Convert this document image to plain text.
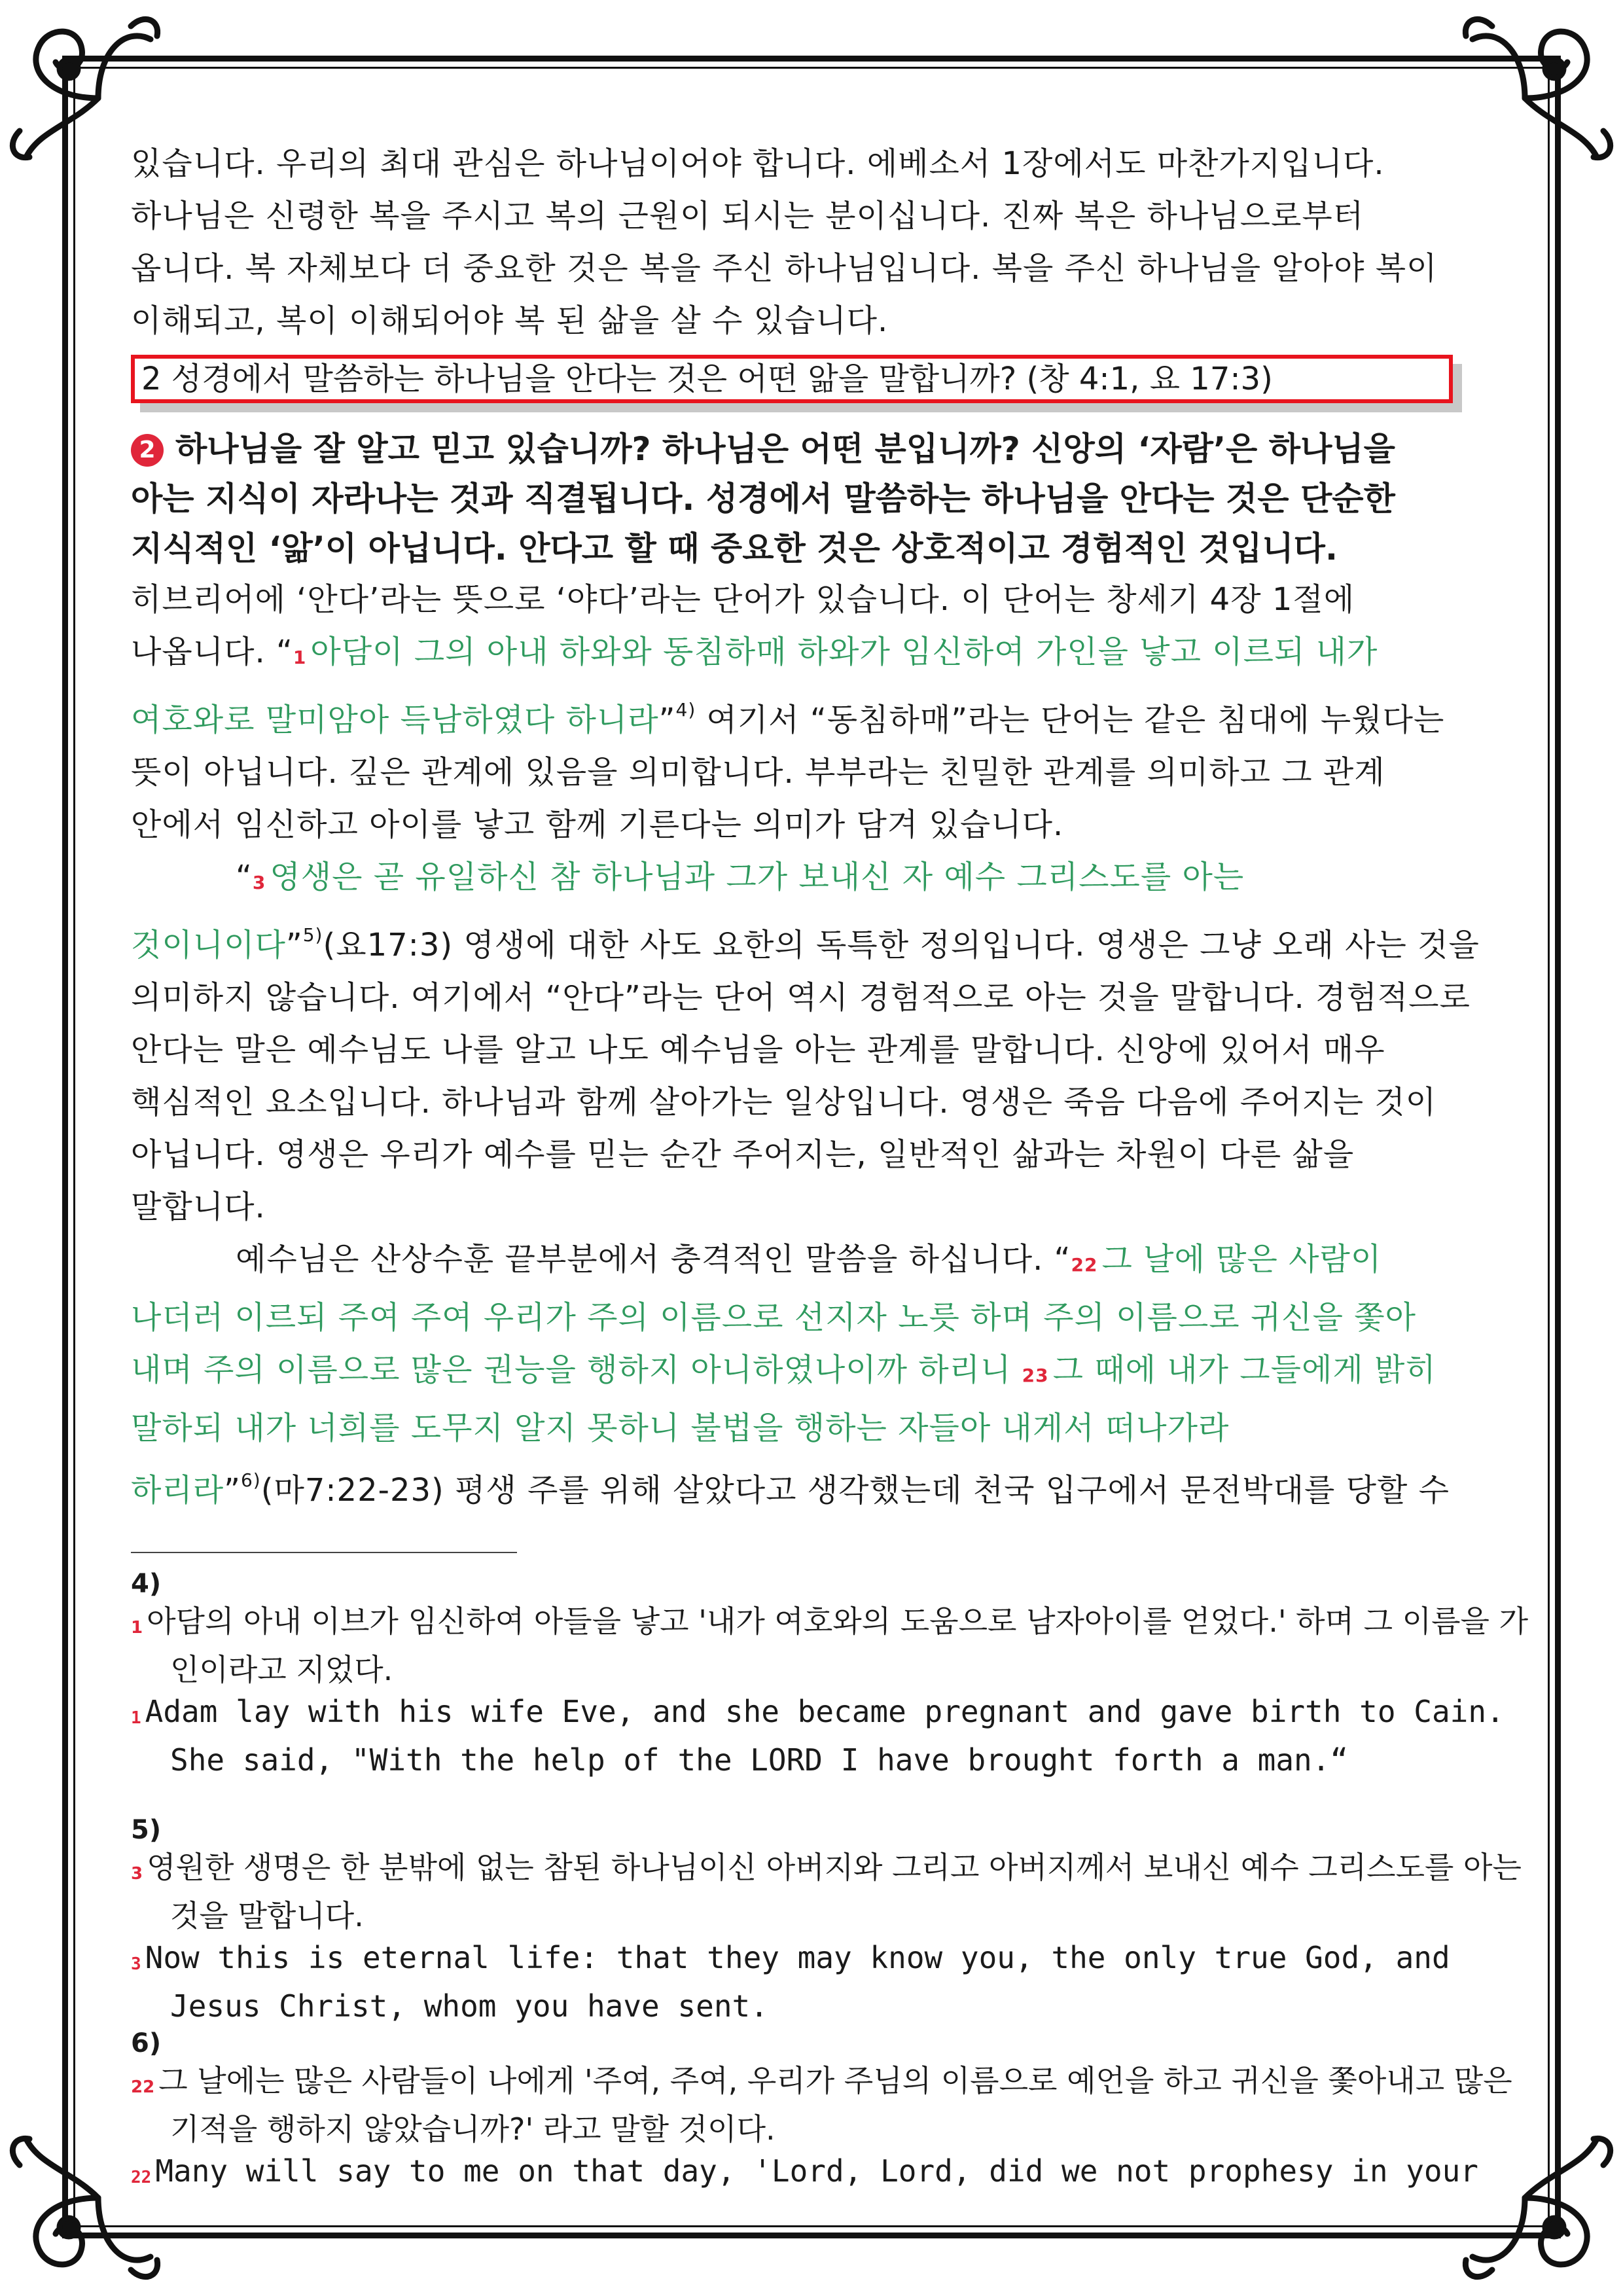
있습니다. 우리의 최대 관심은 하나님이어야 합니다. 에베소서 1장에서도 마찬가지입니다.
하나님은 신령한 복을 주시고 복의 근원이 되시는 분이십니다. 진짜 복은 하나님으로부터
옵니다. 복 자체보다 더 중요한 것은 복을 주신 하나님입니다. 복을 주신 하나님을 알아야 복이
이해되고, 복이 이해되어야 복 된 삶을 살 수 있습니다.
2 성경에서 말씀하는 하나님을 안다는 것은 어떤 앎을 말합니까? (창 4:1, 요 17:3)
2 하나님을 잘 알고 믿고 있습니까? 하나님은 어떤 분입니까? 신앙의 ‘자람’은 하나님을
아는 지식이 자라나는 것과 직결됩니다. 성경에서 말씀하는 하나님을 안다는 것은 단순한
지식적인 ‘앎’이 아닙니다. 안다고 할 때 중요한 것은 상호적이고 경험적인 것입니다.
히브리어에 ‘안다’라는 뜻으로 ‘야다’라는 단어가 있습니다. 이 단어는 창세기 4장 1절에
나옵니다. “1 아담이 그의 아내 하와와 동침하매 하와가 임신하여 가인을 낳고 이르되 내가
여호와로 말미암아 득남하였다 하니라”$^{4)}$ 여기서 “동침하매”라는 단어는 같은 침대에 누웠다는
뜻이 아닙니다. 깊은 관계에 있음을 의미합니다. 부부라는 친밀한 관계를 의미하고 그 관계
안에서 임신하고 아이를 낳고 함께 기른다는 의미가 담겨 있습니다.
“3 영생은 곧 유일하신 참 하나님과 그가 보내신 자 예수 그리스도를 아는
것이니이다”$^{5)}$(요17:3) 영생에 대한 사도 요한의 독특한 정의입니다. 영생은 그냥 오래 사는 것을
의미하지 않습니다. 여기에서 “안다”라는 단어 역시 경험적으로 아는 것을 말합니다. 경험적으로
안다는 말은 예수님도 나를 알고 나도 예수님을 아는 관계를 말합니다. 신앙에 있어서 매우
핵심적인 요소입니다. 하나님과 함께 살아가는 일상입니다. 영생은 죽음 다음에 주어지는 것이
아닙니다. 영생은 우리가 예수를 믿는 순간 주어지는, 일반적인 삶과는 차원이 다른 삶을
말합니다.
예수님은 산상수훈 끝부분에서 충격적인 말씀을 하십니다. “22 그 날에 많은 사람이
나더러 이르되 주여 주여 우리가 주의 이름으로 선지자 노릇 하며 주의 이름으로 귀신을 쫓아
내며 주의 이름으로 많은 권능을 행하지 아니하였나이까 하리니 23 그 때에 내가 그들에게 밝히
말하되 내가 너희를 도무지 알지 못하니 불법을 행하는 자들아 내게서 떠나가라
하리라”$^{6)}$(마7:22-23) 평생 주를 위해 살았다고 생각했는데 천국 입구에서 문전박대를 당할 수
4)
1 아담의 아내 이브가 임신하여 아들을 낳고 '내가 여호와의 도움으로 남자아이를 얻었다.' 하며 그 이름을 가인이라고 지었다.
1 Adam lay with his wife Eve, and she became pregnant and gave birth to Cain. She said, "With the help of the LORD I have brought forth a man.“
5)
3 영원한 생명은 한 분밖에 없는 참된 하나님이신 아버지와 그리고 아버지께서 보내신 예수 그리스도를 아는 것을 말합니다.
3 Now this is eternal life: that they may know you, the only true God, and Jesus Christ, whom you have sent.
6)
22 그 날에는 많은 사람들이 나에게 '주여, 주여, 우리가 주님의 이름으로 예언을 하고 귀신을 쫓아내고 많은 기적을 행하지 않았습니까?' 라고 말할 것이다.
22 Many will say to me on that day, 'Lord, Lord, did we not prophesy in your
